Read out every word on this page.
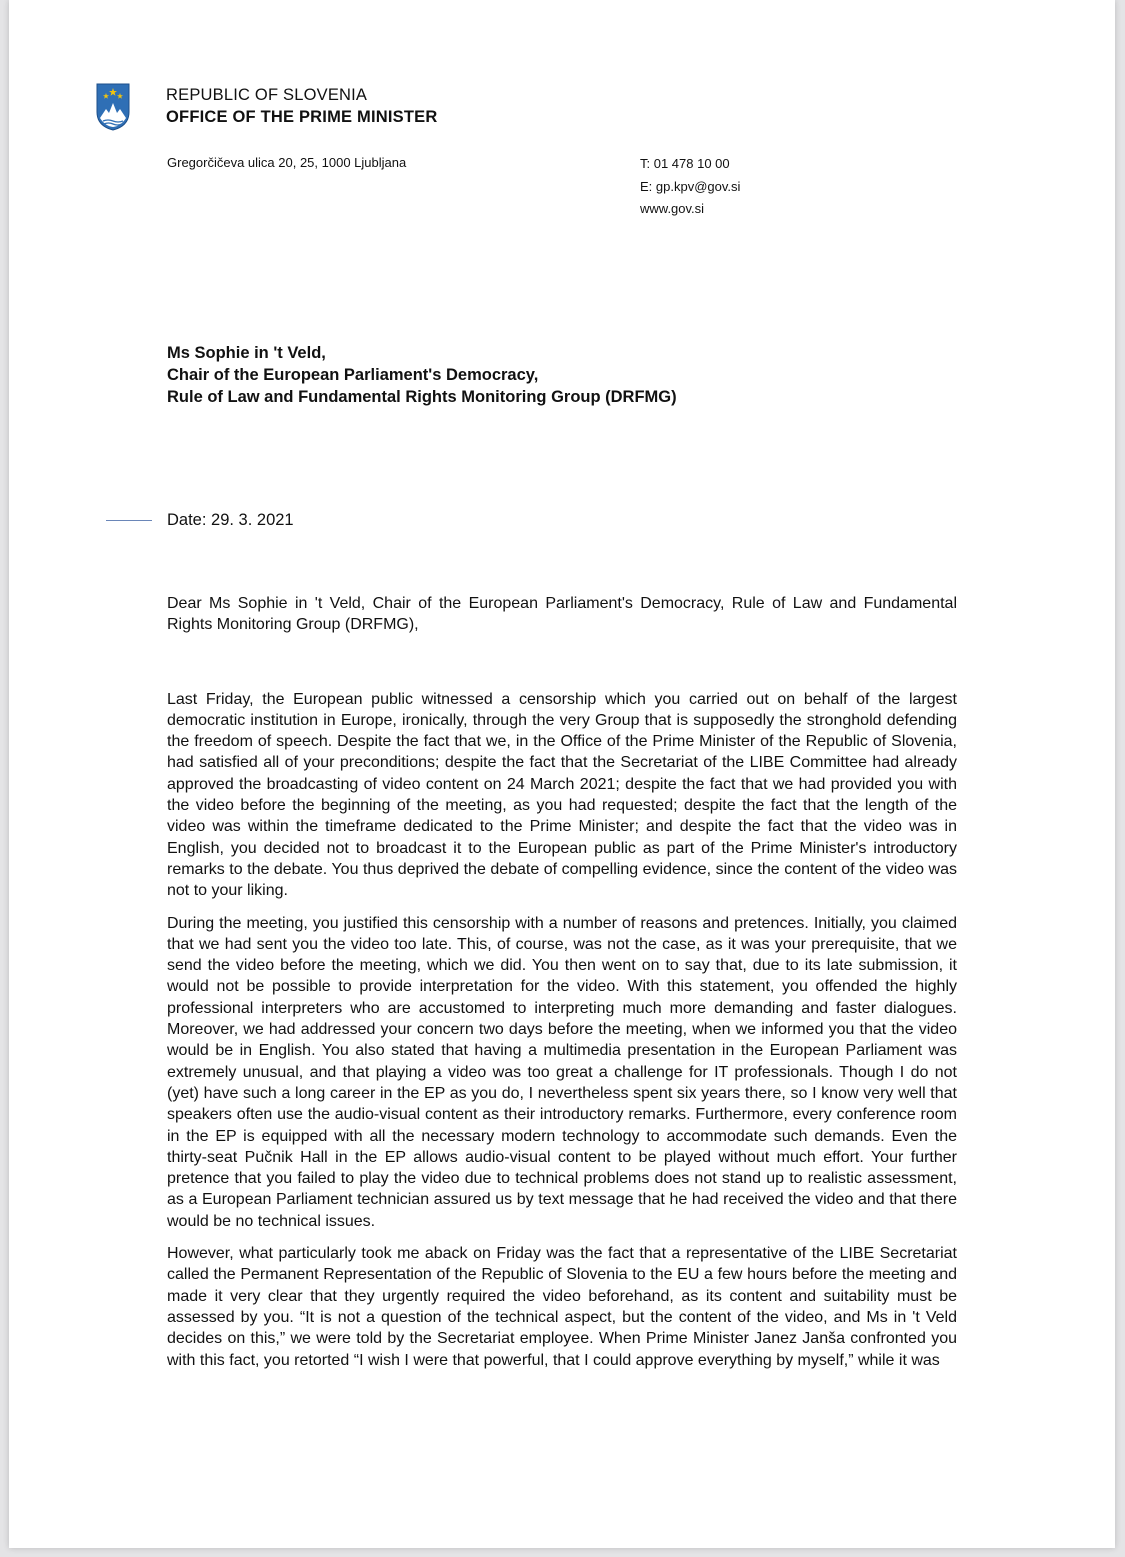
REPUBLIC OF SLOVENIA
OFFICE OF THE PRIME MINISTER
Gregorčičeva ulica 20, 25, 1000 Ljubljana	T: 01 478 10 00
E: gp.kpv@gov.si
www.gov.si
Ms Sophie in 't Veld,
Chair of the European Parliament's Democracy,
Rule of Law and Fundamental Rights Monitoring Group (DRFMG)
Date: 29. 3. 2021

Dear Ms Sophie in 't Veld, Chair of the European Parliament's Democracy, Rule of Law and Fundamental Rights Monitoring Group (DRFMG),

Last Friday, the European public witnessed a censorship which you carried out on behalf of the largest democratic institution in Europe, ironically, through the very Group that is supposedly the stronghold defending the freedom of speech. Despite the fact that we, in the Office of the Prime Minister of the Republic of Slovenia, had satisfied all of your preconditions; despite the fact that the Secretariat of the LIBE Committee had already approved the broadcasting of video content on 24 March 2021; despite the fact that we had provided you with the video before the beginning of the meeting, as you had requested; despite the fact that the length of the video was within the timeframe dedicated to the Prime Minister; and despite the fact that the video was in English, you decided not to broadcast it to the European public as part of the Prime Minister's introductory remarks to the debate. You thus deprived the debate of compelling evidence, since the content of the video was not to your liking.

During the meeting, you justified this censorship with a number of reasons and pretences. Initially, you claimed that we had sent you the video too late. This, of course, was not the case, as it was your prerequisite, that we send the video before the meeting, which we did. You then went on to say that, due to its late submission, it would not be possible to provide interpretation for the video. With this statement, you offended the highly professional interpreters who are accustomed to interpreting much more demanding and faster dialogues. Moreover, we had addressed your concern two days before the meeting, when we informed you that the video would be in English. You also stated that having a multimedia presentation in the European Parliament was extremely unusual, and that playing a video was too great a challenge for IT professionals. Though I do not (yet) have such a long career in the EP as you do, I nevertheless spent six years there, so I know very well that speakers often use the audio-visual content as their introductory remarks. Furthermore, every conference room in the EP is equipped with all the necessary modern technology to accommodate such demands. Even the thirty-seat Pučnik Hall in the EP allows audio-visual content to be played without much effort. Your further pretence that you failed to play the video due to technical problems does not stand up to realistic assessment, as a European Parliament technician assured us by text message that he had received the video and that there would be no technical issues.

However, what particularly took me aback on Friday was the fact that a representative of the LIBE Secretariat called the Permanent Representation of the Republic of Slovenia to the EU a few hours before the meeting and made it very clear that they urgently required the video beforehand, as its content and suitability must be assessed by you. “It is not a question of the technical aspect, but the content of the video, and Ms in 't Veld decides on this,” we were told by the Secretariat employee. When Prime Minister Janez Janša confronted you with this fact, you retorted “I wish I were that powerful, that I could approve everything by myself,” while it was
